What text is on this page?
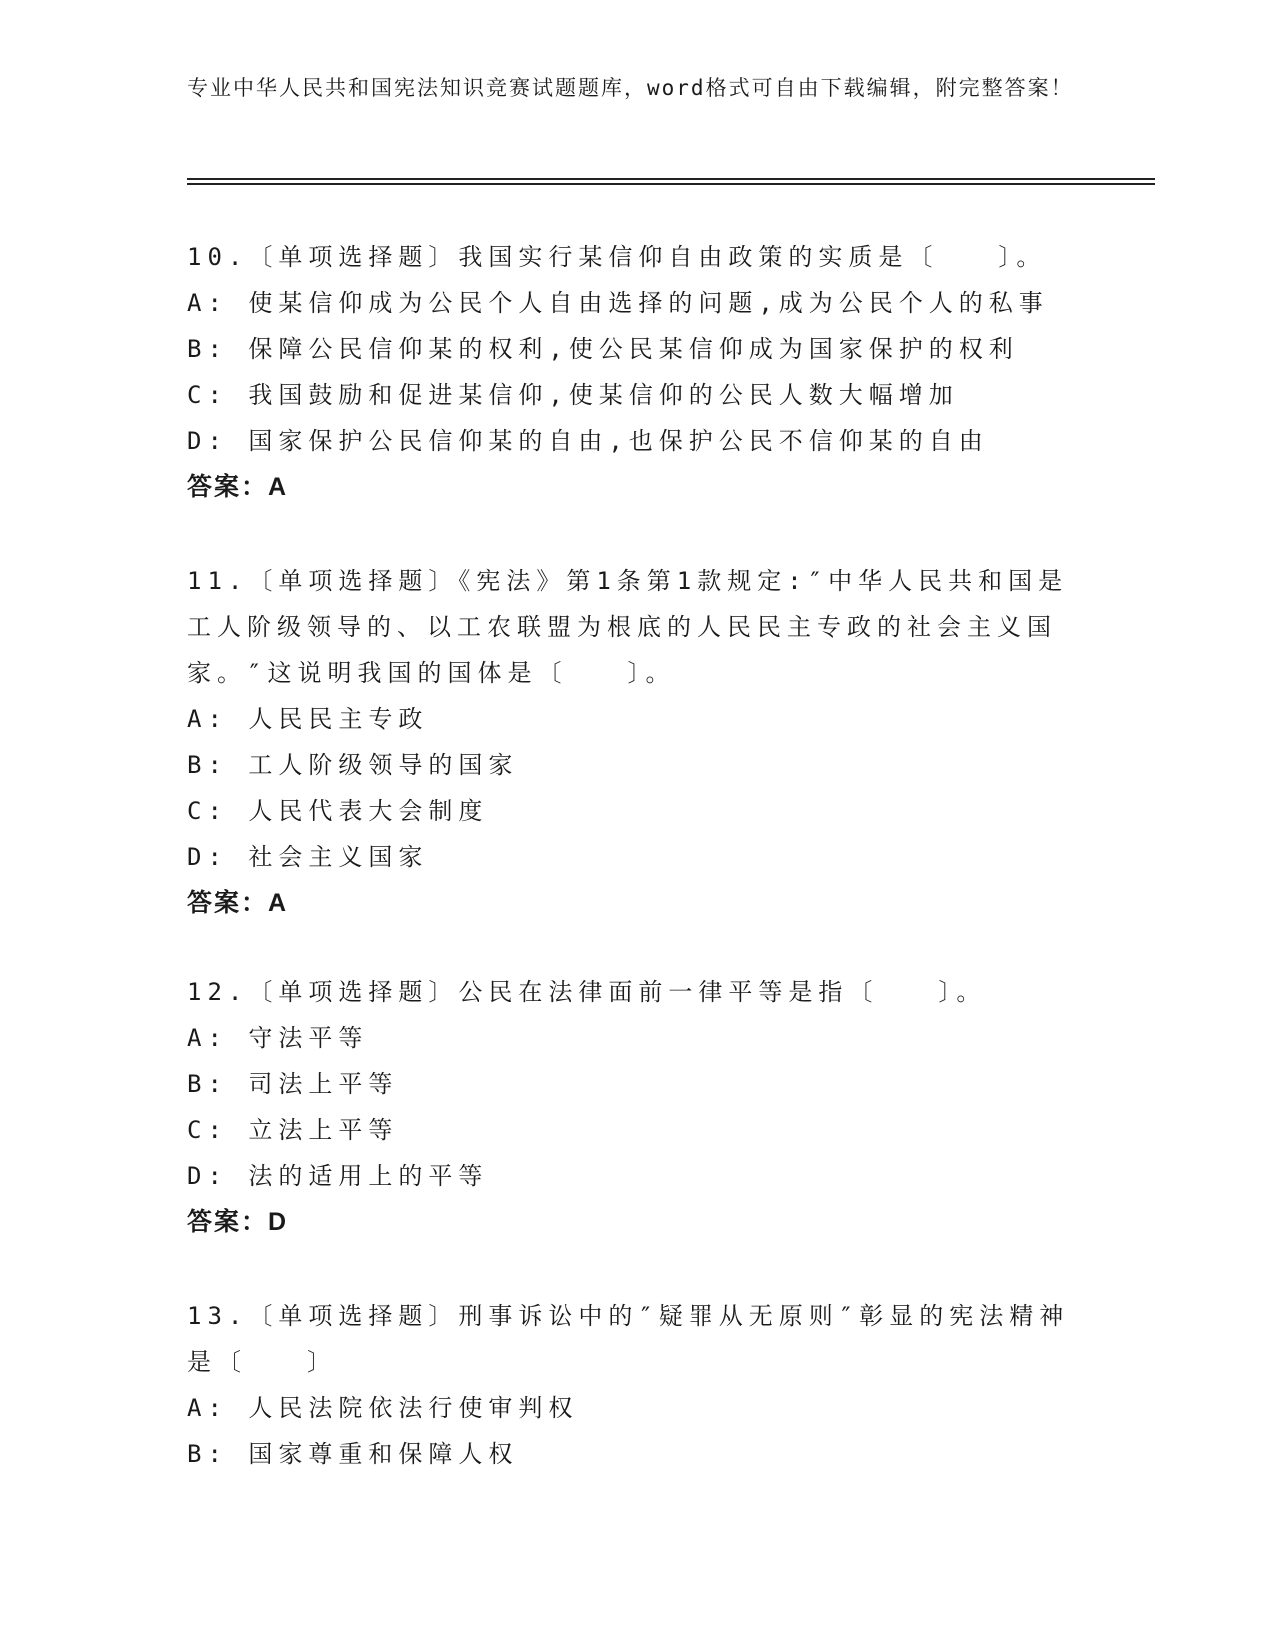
专业中华人民共和国宪法知识竞赛试题题库，word格式可自由下载编辑，附完整答案！

10.〔单项选择题〕我国实行某信仰自由政策的实质是〔　　〕。

A: 使某信仰成为公民个人自由选择的问题,成为公民个人的私事

B: 保障公民信仰某的权利,使公民某信仰成为国家保护的权利

C: 我国鼓励和促进某信仰,使某信仰的公民人数大幅增加

D: 国家保护公民信仰某的自由,也保护公民不信仰某的自由

答案：A

11.〔单项选择题〕《宪法》第1条第1款规定:″中华人民共和国是工人阶级领导的、以工农联盟为根底的人民民主专政的社会主义国家。″这说明我国的国体是〔　　〕。

A: 人民民主专政

B: 工人阶级领导的国家

C: 人民代表大会制度

D: 社会主义国家

答案：A

12.〔单项选择题〕公民在法律面前一律平等是指〔　　〕。

A: 守法平等

B: 司法上平等

C: 立法上平等

D: 法的适用上的平等

答案：D

13.〔单项选择题〕刑事诉讼中的″疑罪从无原则″彰显的宪法精神是〔　　〕

A: 人民法院依法行使审判权

B: 国家尊重和保障人权
